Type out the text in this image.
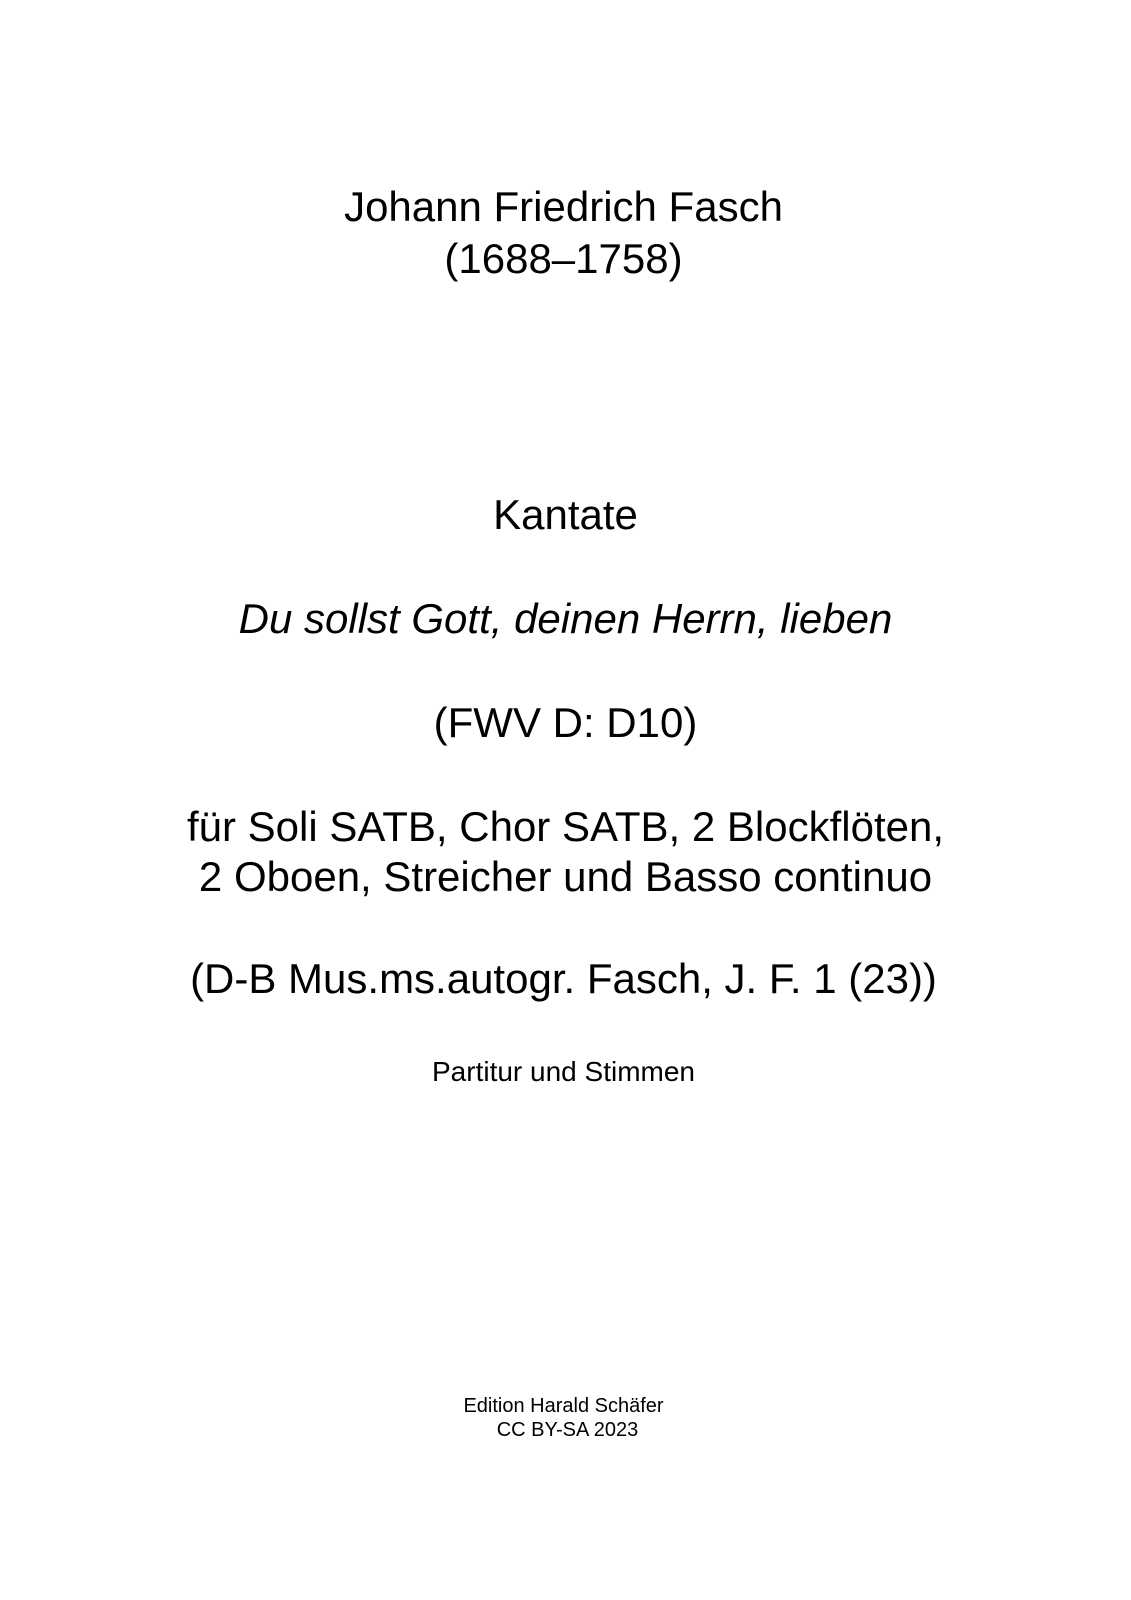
Johann Friedrich Fasch
(1688–1758)
Kantate
Du sollst Gott, deinen Herrn, lieben
(FWV D: D10)
für Soli SATB, Chor SATB, 2 Blockflöten,
2 Oboen, Streicher und Basso continuo
(D-B Mus.ms.autogr. Fasch, J. F. 1 (23))
Partitur und Stimmen
Edition Harald Schäfer
CC BY-SA 2023
